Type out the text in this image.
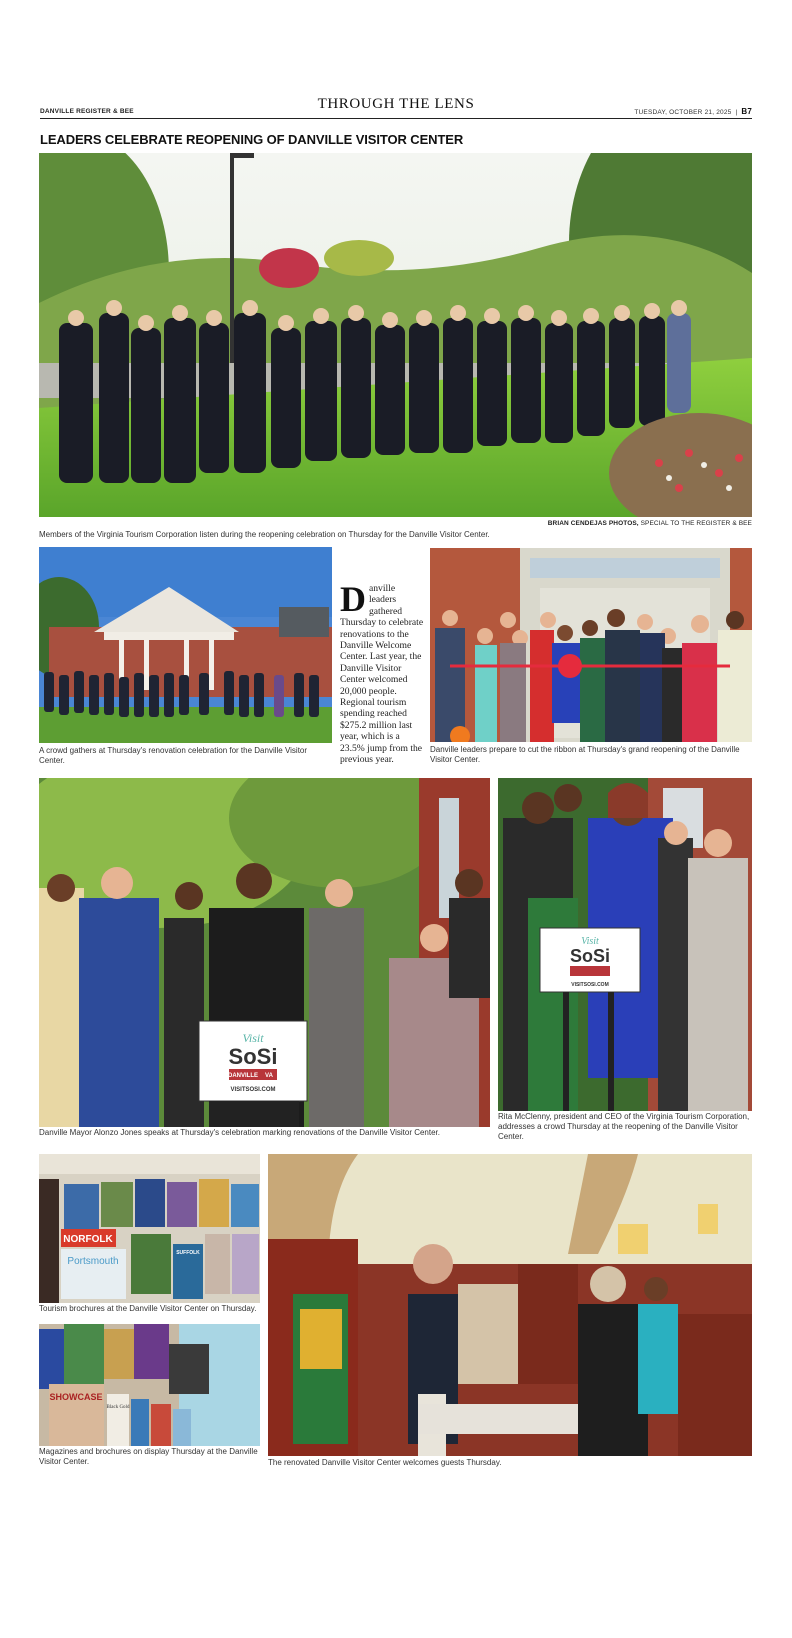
DANVILLE REGISTER & BEE	THROUGH THE LENS
TUESDAY, OCTOBER 21, 2025 | B7
LEADERS CELEBRATE REOPENING OF DANVILLE VISITOR CENTER
BRIAN CENDEJAS PHOTOS, SPECIAL TO THE REGISTER & BEE
Members of the Virginia Tourism Corporation listen during the reopening celebration on Thursday for the Danville Visitor Center.
A crowd gathers at Thursday's renovation celebration for the Danville Visitor Center.
Danville leaders gathered Thursday to celebrate renovations to the Danville Welcome Center. Last year, the Danville Visitor Center welcomed 20,000 people. Regional tourism spending reached $275.2 million last year, which is a 23.5% jump from the previous year.
Danville leaders prepare to cut the ribbon at Thursday's grand reopening of the Danville Visitor Center.
Visit
SoSi
DANVILLE VA
VISITSOSI.COM
Danville Mayor Alonzo Jones speaks at Thursday's celebration marking renovations of the Danville Visitor Center.
Visit
SoSi
VISITSOSI.COM
Rita McClenny, president and CEO of the Virginia Tourism Corporation, addresses a crowd Thursday at the reopening of the Danville Visitor Center.
NORFOLK
Portsmouth
SUFFOLK
Tourism brochures at the Danville Visitor Center on Thursday.
SHOWCASE
Black Gold
Magazines and brochures on display Thursday at the Danville Visitor Center.	The renovated Danville Visitor Center welcomes guests Thursday.
